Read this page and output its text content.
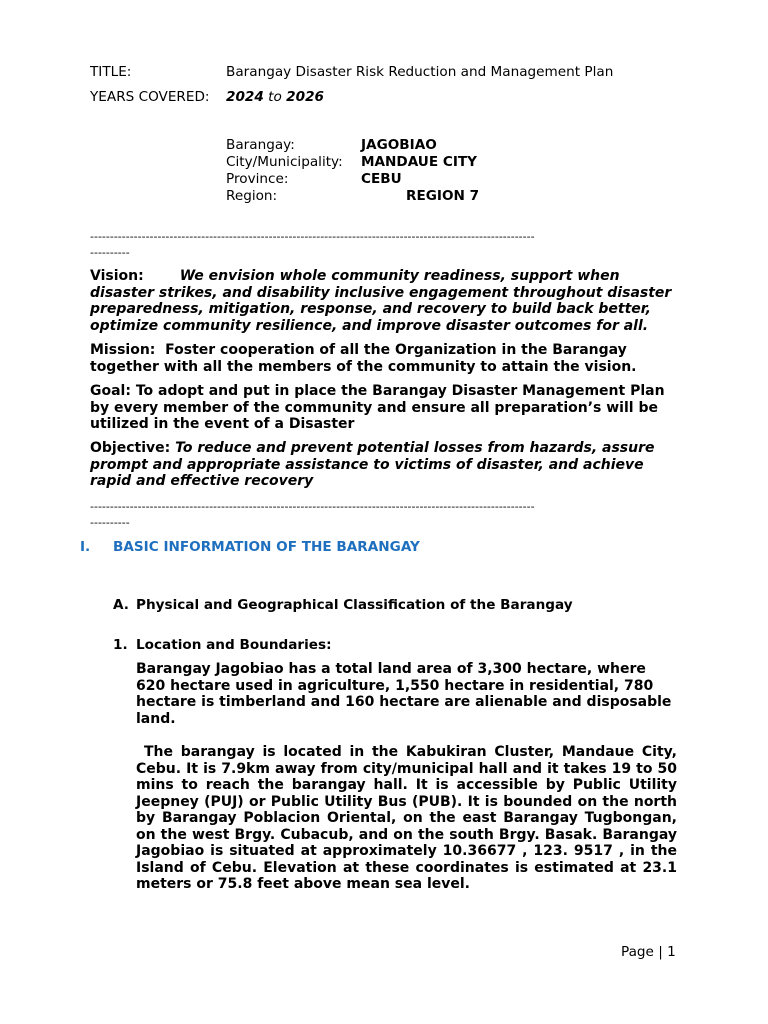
TITLE:	Barangay Disaster Risk Reduction and Management Plan
YEARS COVERED: 2024 to 2026
Barangay:	JAGOBIAO
City/Municipality: MANDAUE CITY
Province:	CEBU
Region:	REGION 7
----------------------------------------------------------------------------------------------------------------
----------
Vision:	We envision whole community readiness, support when disaster strikes, and disability inclusive engagement throughout disaster preparedness, mitigation, response, and recovery to build back better, optimize community resilience, and improve disaster outcomes for all.
Mission: Foster cooperation of all the Organization in the Barangay together with all the members of the community to attain the vision.
Goal: To adopt and put in place the Barangay Disaster Management Plan by every member of the community and ensure all preparation’s will be utilized in the event of a Disaster
Objective: To reduce and prevent potential losses from hazards, assure prompt and appropriate assistance to victims of disaster, and achieve rapid and effective recovery
----------------------------------------------------------------------------------------------------------------
----------
I. BASIC INFORMATION OF THE BARANGAY
A. Physical and Geographical Classification of the Barangay
1. Location and Boundaries:
Barangay Jagobiao has a total land area of 3,300 hectare, where 620 hectare used in agriculture, 1,550 hectare in residential, 780 hectare is timberland and 160 hectare are alienable and disposable land.
The barangay is located in the Kabukiran Cluster, Mandaue City, Cebu. It is 7.9km away from city/municipal hall and it takes 19 to 50 mins to reach the barangay hall. It is accessible by Public Utility Jeepney (PUJ) or Public Utility Bus (PUB). It is bounded on the north by Barangay Poblacion Oriental, on the east Barangay Tugbongan, on the west Brgy. Cubacub, and on the south Brgy. Basak. Barangay Jagobiao is situated at approximately 10.36677 , 123. 9517 , in the Island of Cebu. Elevation at these coordinates is estimated at 23.1 meters or 75.8 feet above mean sea level.
Page | 1
